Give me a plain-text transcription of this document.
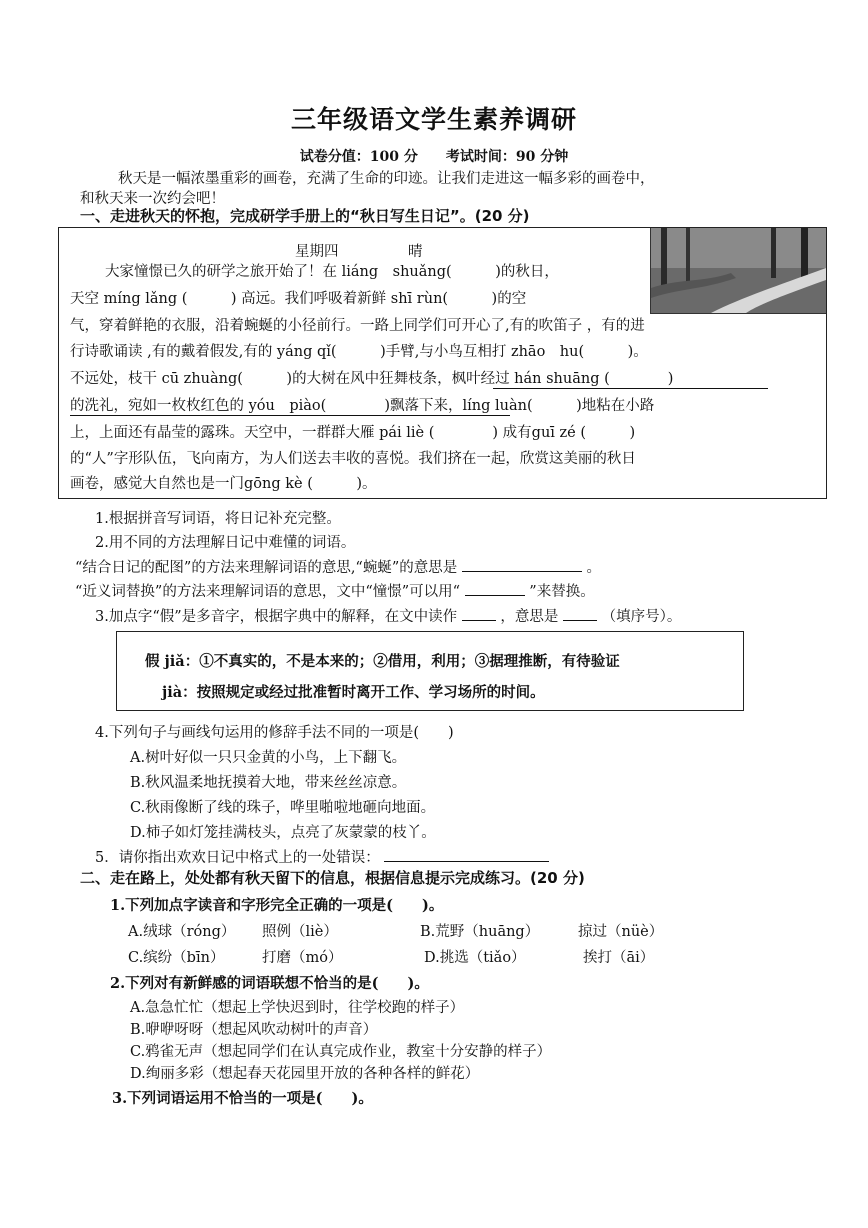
三年级语文学生素养调研
试卷分值：100 分　　考试时间：90 分钟
秋天是一幅浓墨重彩的画卷，充满了生命的印迹。让我们走进这一幅多彩的画卷中，
和秋天来一次约会吧！
一、走进秋天的怀抱，完成研学手册上的“秋日写生日记”。(20 分)
星期四	晴
大家憧憬已久的研学之旅开始了！在 liáng　shuǎng(　　　)的秋日，
天空 míng lǎng (　　　) 高远。我们呼吸着新鲜 shī rùn(　　　)的空
气，穿着鲜艳的衣服，沿着蜿蜒的小径前行。一路上同学们可开心了,有的吹笛子 ，有的进
行诗歌诵读 ,有的戴着假发,有的 yáng qǐ(　　　)手臂,与小鸟互相打 zhāo　hu(　　　)。
不远处，枝干 cū zhuàng(　　　)的大树在风中狂舞枝条，枫叶经过 hán shuāng (　　　　)
的洗礼，宛如一枚枚红色的 yóu　piào(　　　　)飘落下来，líng luàn(　　　)地粘在小路
上，上面还有晶莹的露珠。天空中，一群群大雁 pái liè (　　　　) 成有guī zé (　　　)
的“人”字形队伍，飞向南方，为人们送去丰收的喜悦。我们挤在一起，欣赏这美丽的秋日
画卷，感觉大自然也是一门gōng kè (　　　)。
1.根据拼音写词语，将日记补充完整。
2.用不同的方法理解日记中难懂的词语。
“结合日记的配图”的方法来理解词语的意思,“蜿蜒”的意思是	。
“近义词替换”的方法来理解词语的意思，文中“憧憬”可以用“	”来替换。
3.加点字“假”是多音字，根据字典中的解释，在文中读作	，意思是	（填序号）。
假 jiǎ：①不真实的，不是本来的；②借用，利用；③据理推断，有待验证
jià：按照规定或经过批准暂时离开工作、学习场所的时间。
4.下列句子与画线句运用的修辞手法不同的一项是(　　)
A.树叶好似一只只金黄的小鸟，上下翻飞。
B.秋风温柔地抚摸着大地，带来丝丝凉意。
C.秋雨像断了线的珠子，哗里啪啦地砸向地面。
D.柿子如灯笼挂满枝头，点亮了灰蒙蒙的枝丫。
5．请你指出欢欢日记中格式上的一处错误：
二、走在路上，处处都有秋天留下的信息，根据信息提示完成练习。(20 分)
1.下列加点字读音和字形完全正确的一项是(　　)。
A.绒球（róng） 照例（liè）	B.荒野（huāng）	掠过（nüè）
C.缤纷（bīn）	打磨（mó）	D.挑选（tiǎo）	挨打（āi）
2.下列对有新鲜感的词语联想不恰当的是(　　)。
A.急急忙忙（想起上学快迟到时，往学校跑的样子）
B.咿咿呀呀（想起风吹动树叶的声音）
C.鸦雀无声（想起同学们在认真完成作业，教室十分安静的样子）
D.绚丽多彩（想起春天花园里开放的各种各样的鲜花）
3.下列词语运用不恰当的一项是(　　)。
